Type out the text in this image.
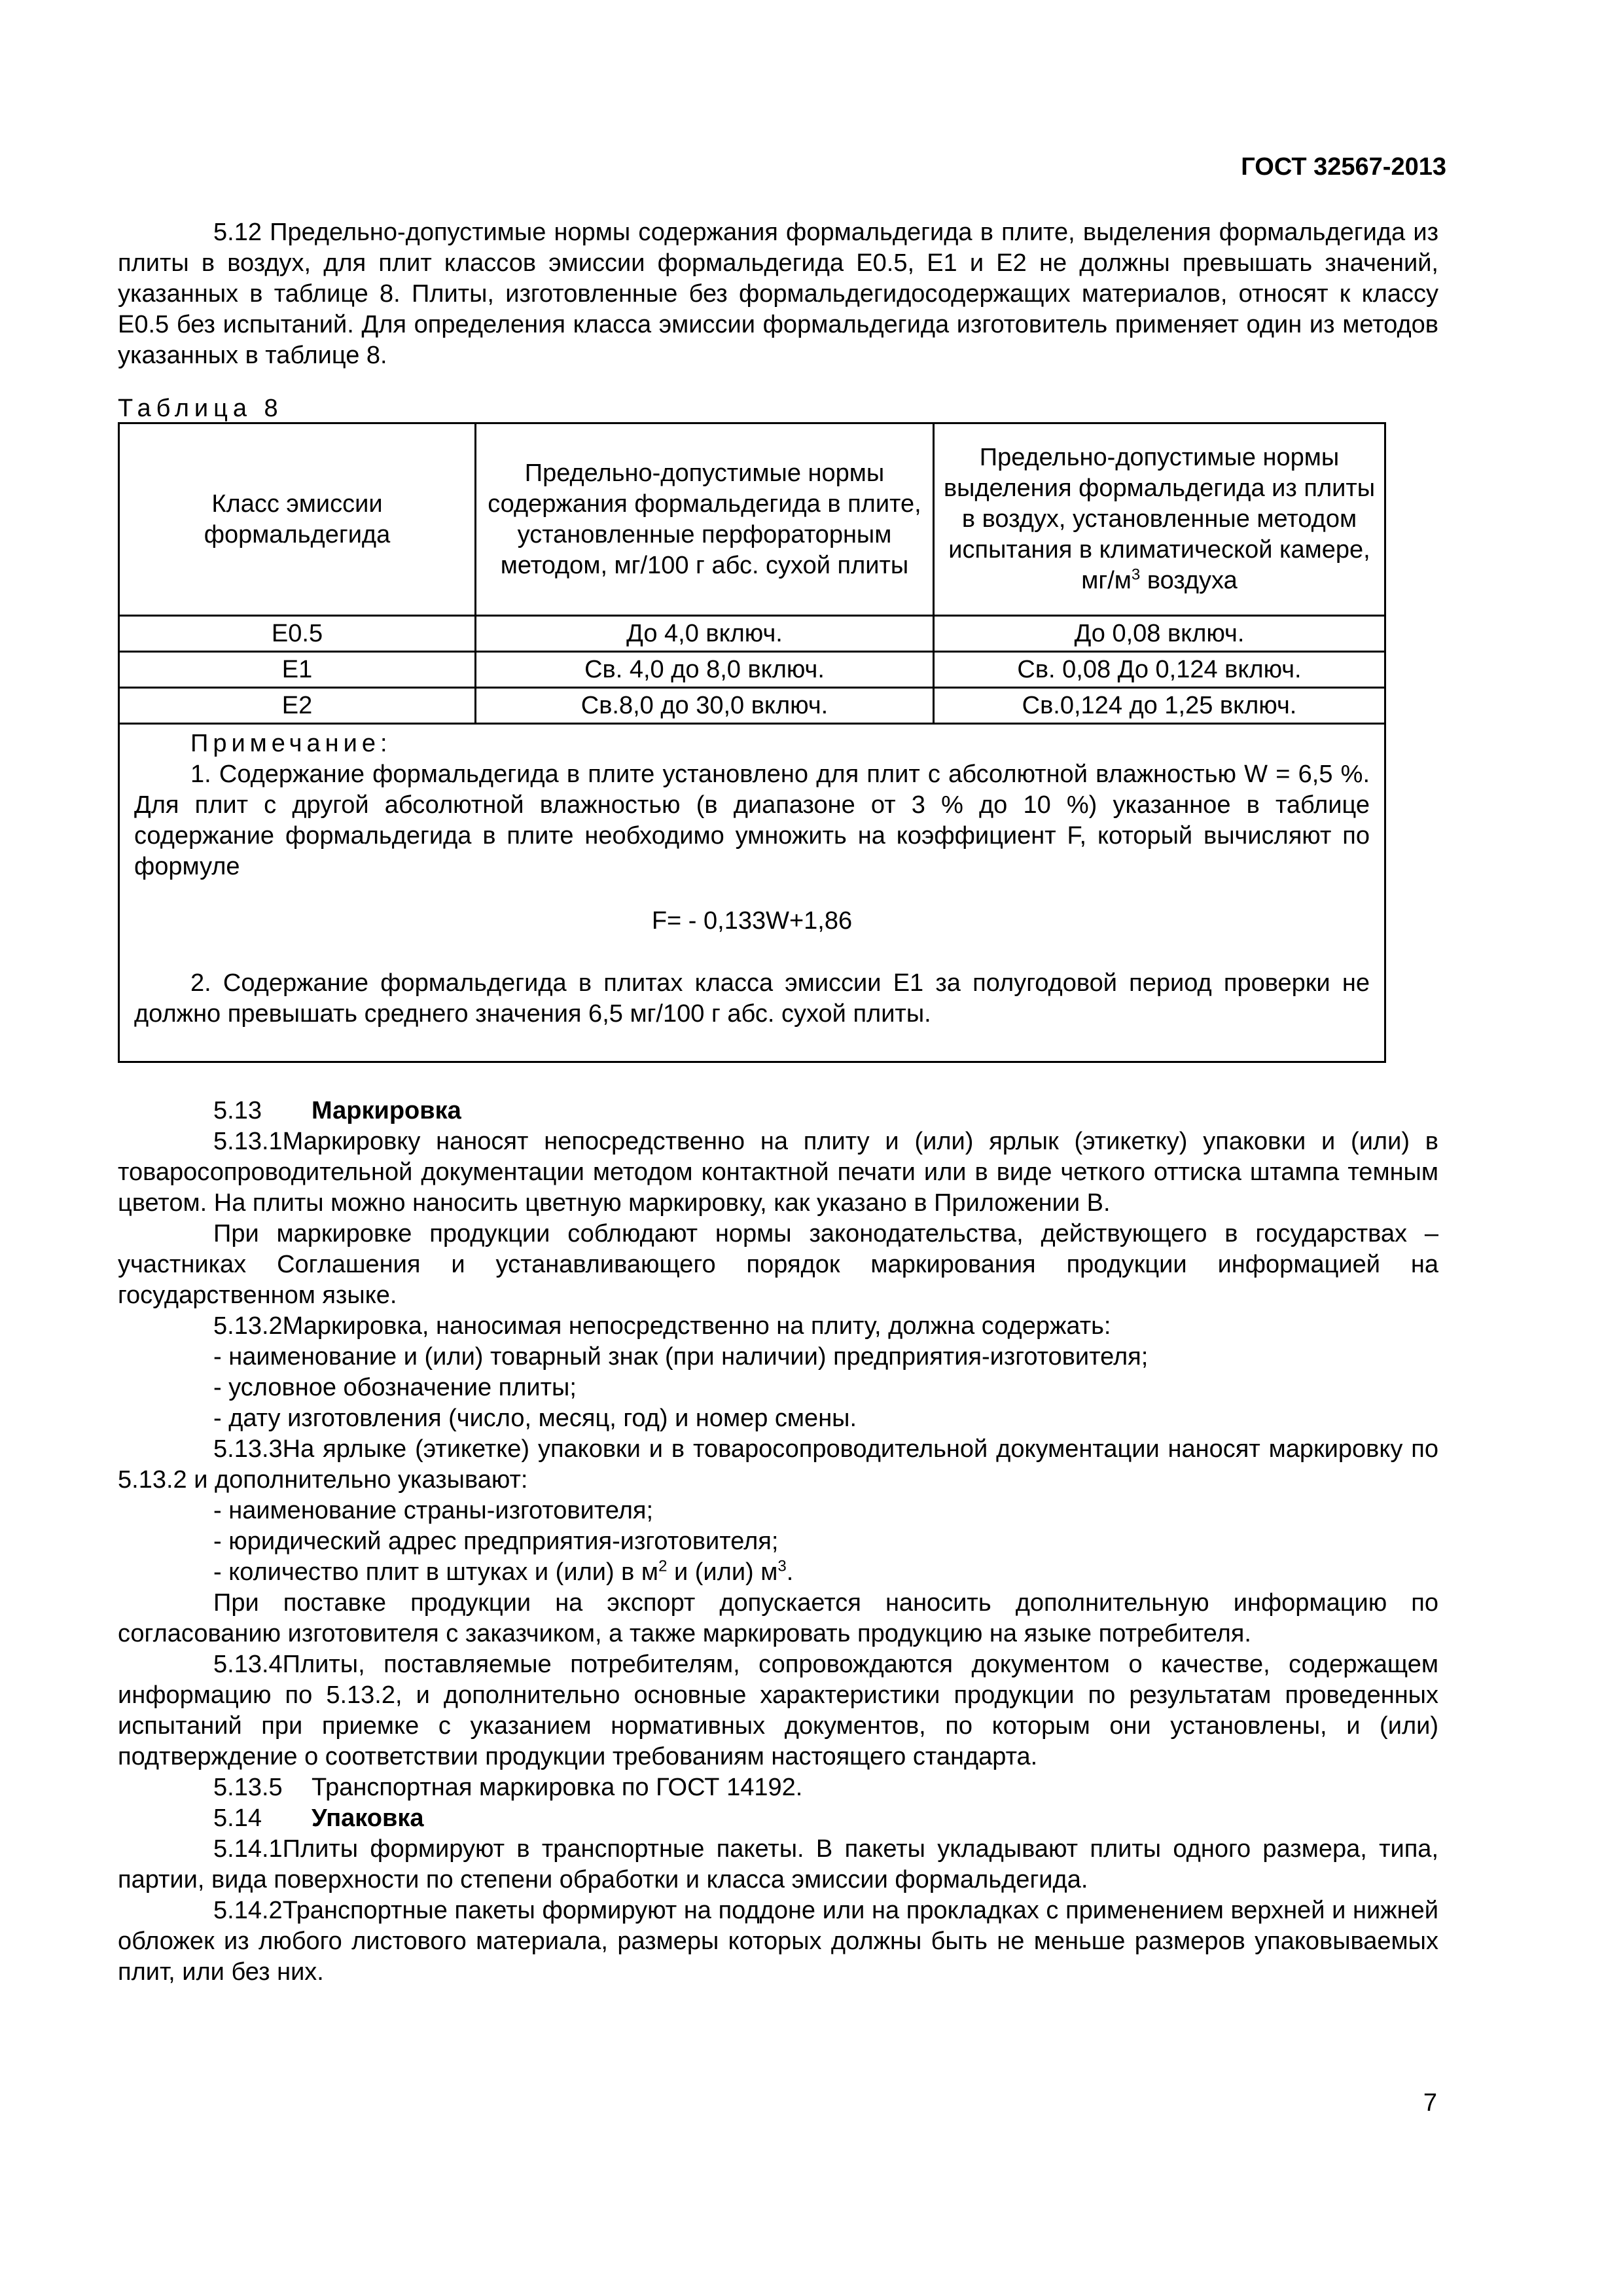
ГОСТ 32567-2013

5.12 Предельно-допустимые нормы содержания формальдегида в плите, выделения формальдегида из плиты в воздух, для плит классов эмиссии формальдегида Е0.5, Е1 и Е2 не должны превышать значений, указанных в таблице 8. Плиты, изготовленные без формальдегидосодержащих материалов, относят к классу Е0.5 без испытаний. Для определения класса эмиссии формальдегида изготовитель применяет один из методов указанных в таблице 8.

Таблица 8

Класс эмиссии формальдегида	Предельно-допустимые нормы содержания формальдегида в плите, установленные перфораторным методом, мг/100 г абс. сухой плиты	Предельно-допустимые нормы выделения формальдегида из плиты в воздух, установленные методом испытания в климатической камере, $мг/м^3$ воздуха
Е0.5	До 4,0 включ.	До 0,08 включ.
Е1	Св. 4,0 до 8,0 включ.	Св. 0,08 До 0,124 включ.
Е2	Св.8,0 до 30,0 включ.	Св.0,124 до 1,25 включ.

Примечание:

1. Содержание формальдегида в плите установлено для плит с абсолютной влажностью W = 6,5 %. Для плит с другой абсолютной влажностью (в диапазоне от 3 % до 10 %) указанное в таблице содержание формальдегида в плите необходимо умножить на коэффициент F, который вычисляют по формуле

F= - 0,133W+1,86

2. Содержание формальдегида в плитах класса эмиссии Е1 за полугодовой период проверки не должно превышать среднего значения 6,5 мг/100 г абс. сухой плиты.		

5.13 Маркировка

5.13.1Маркировку наносят непосредственно на плиту и (или) ярлык (этикетку) упаковки и (или) в товаросопроводительной документации методом контактной печати или в виде четкого оттиска штампа темным цветом. На плиты можно наносить цветную маркировку, как указано в Приложении В.

При маркировке продукции соблюдают нормы законодательства, действующего в государствах – участниках Соглашения и устанавливающего порядок маркирования продукции информацией на государственном языке.

5.13.2Маркировка, наносимая непосредственно на плиту, должна содержать:

- наименование и (или) товарный знак (при наличии) предприятия-изготовителя;

- условное обозначение плиты;

- дату изготовления (число, месяц, год) и номер смены.

5.13.3На ярлыке (этикетке) упаковки и в товаросопроводительной документации наносят маркировку по 5.13.2 и дополнительно указывают:

- наименование страны-изготовителя;

- юридический адрес предприятия-изготовителя;

- количество плит в штуках и (или) в $м^2$ и (или) $м^3$.

При поставке продукции на экспорт допускается наносить дополнительную информацию по согласованию изготовителя с заказчиком, а также маркировать продукцию на языке потребителя.

5.13.4Плиты, поставляемые потребителям, сопровождаются документом о качестве, содержащем информацию по 5.13.2, и дополнительно основные характеристики продукции по результатам проведенных испытаний при приемке с указанием нормативных документов, по которым они установлены, и (или) подтверждение о соответствии продукции требованиям настоящего стандарта.

5.13.5 Транспортная маркировка по ГОСТ 14192.

5.14 Упаковка

5.14.1Плиты формируют в транспортные пакеты. В пакеты укладывают плиты одного размера, типа, партии, вида поверхности по степени обработки и класса эмиссии формальдегида.

5.14.2Транспортные пакеты формируют на поддоне или на прокладках с применением верхней и нижней обложек из любого листового материала, размеры которых должны быть не меньше размеров упаковываемых плит, или без них.

7
